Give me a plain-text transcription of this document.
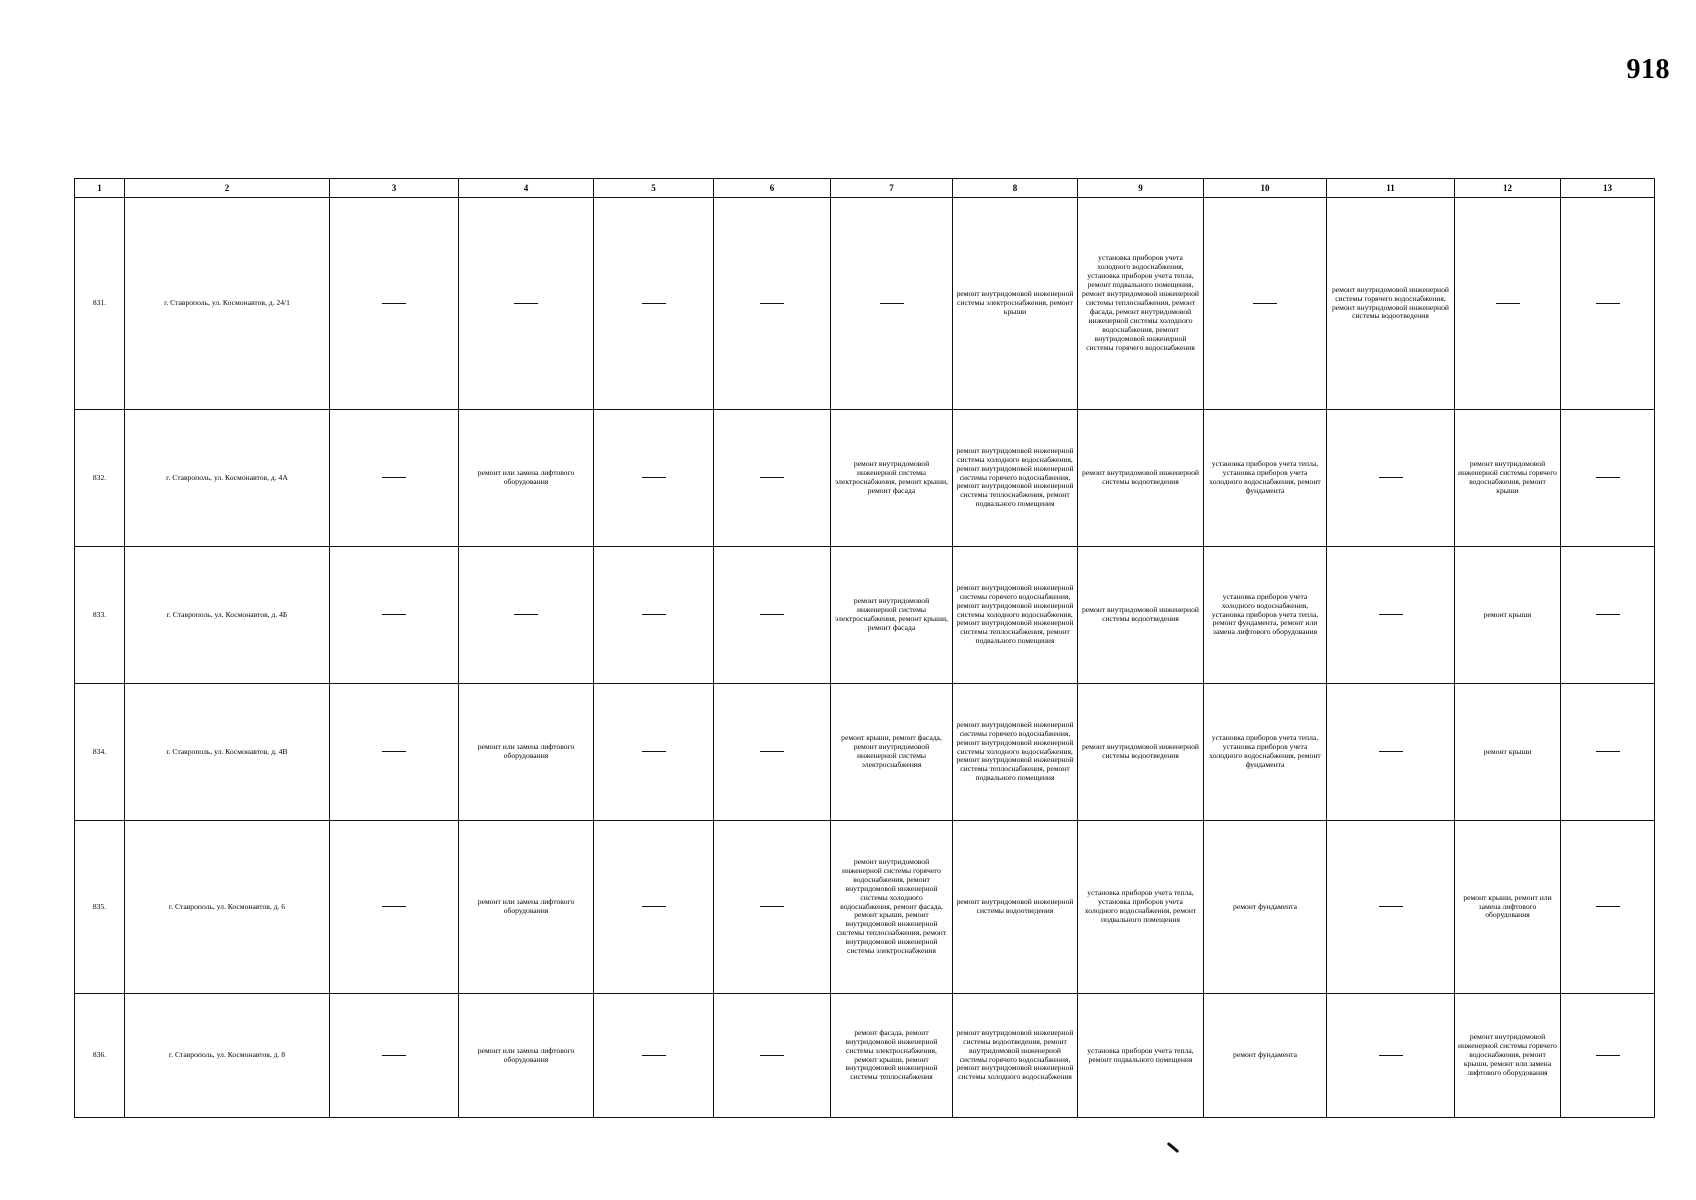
918
1	2	3	4	5	6	7	8	9	10	11	12	13
831.	г. Ставрополь, ул. Космонавтов, д. 24/1						ремонт внутридомовой инженерной системы электроснабжения, ремонт крыши	установка приборов учета холодного водоснабжения, установка приборов учета тепла, ремонт подвального помещения, ремонт внутридомовой инженерной системы теплоснабжения, ремонт фасада, ремонт внутридомовой инженерной системы холодного водоснабжения, ремонт внутридомовой инженерной системы горячего водоснабжения		ремонт внутридомовой инженерной системы горячего водоснабжения, ремонт внутридомовой инженерной системы водоотведения		
832.	г. Ставрополь, ул. Космонавтов, д. 4А		ремонт или замена лифтового оборудования			ремонт внутридомовой инженерной системы электроснабжения, ремонт крыши, ремонт фасада	ремонт внутридомовой инженерной системы холодного водоснабжения, ремонт внутридомовой инженерной системы горячего водоснабжения, ремонт внутридомовой инженерной системы теплоснабжения, ремонт подвального помещения	ремонт внутридомовой инженерной системы водоотведения	установка приборов учета тепла, установка приборов учета холодного водоснабжения, ремонт фундамента		ремонт внутридомовой инженерной системы горячего водоснабжения, ремонт крыши	
833.	г. Ставрополь, ул. Космонавтов, д. 4Б					ремонт внутридомовой инженерной системы электроснабжения, ремонт крыши, ремонт фасада	ремонт внутридомовой инженерной системы горячего водоснабжения, ремонт внутридомовой инженерной системы холодного водоснабжения, ремонт внутридомовой инженерной системы теплоснабжения, ремонт подвального помещения	ремонт внутридомовой инженерной системы водоотведения	установка приборов учета холодного водоснабжения, установка приборов учета тепла, ремонт фундамента, ремонт или замена лифтового оборудования		ремонт крыши	
834.	г. Ставрополь, ул. Космонавтов, д. 4В		ремонт или замена лифтового оборудования			ремонт крыши, ремонт фасада, ремонт внутридомовой инженерной системы электроснабжения	ремонт внутридомовой инженерной системы горячего водоснабжения, ремонт внутридомовой инженерной системы холодного водоснабжения, ремонт внутридомовой инженерной системы теплоснабжения, ремонт подвального помещения	ремонт внутридомовой инженерной системы водоотведения	установка приборов учета тепла, установка приборов учета холодного водоснабжения, ремонт фундамента		ремонт крыши	
835.	г. Ставрополь, ул. Космонавтов, д. 6		ремонт или замена лифтового оборудования			ремонт внутридомовой инженерной системы горячего водоснабжения, ремонт внутридомовой инженерной системы холодного водоснабжения, ремонт фасада, ремонт крыши, ремонт внутридомовой инженерной системы теплоснабжения, ремонт внутридомовой инженерной системы электроснабжения	ремонт внутридомовой инженерной системы водоотведения	установка приборов учета тепла, установка приборов учета холодного водоснабжения, ремонт подвального помещения	ремонт фундамента		ремонт крыши, ремонт или замена лифтового оборудования	
836.	г. Ставрополь, ул. Космонавтов, д. 8		ремонт или замена лифтового оборудования			ремонт фасада, ремонт внутридомовой инженерной системы электроснабжения, ремонт крыши, ремонт внутридомовой инженерной системы теплоснабжения	ремонт внутридомовой инженерной системы водоотведения, ремонт внутридомовой инженерной системы горячего водоснабжения, ремонт внутридомовой инженерной системы холодного водоснабжения	установка приборов учета тепла, ремонт подвального помещения	ремонт фундамента		ремонт внутридомовой инженерной системы горячего водоснабжения, ремонт крыши, ремонт или замена лифтового оборудования	
